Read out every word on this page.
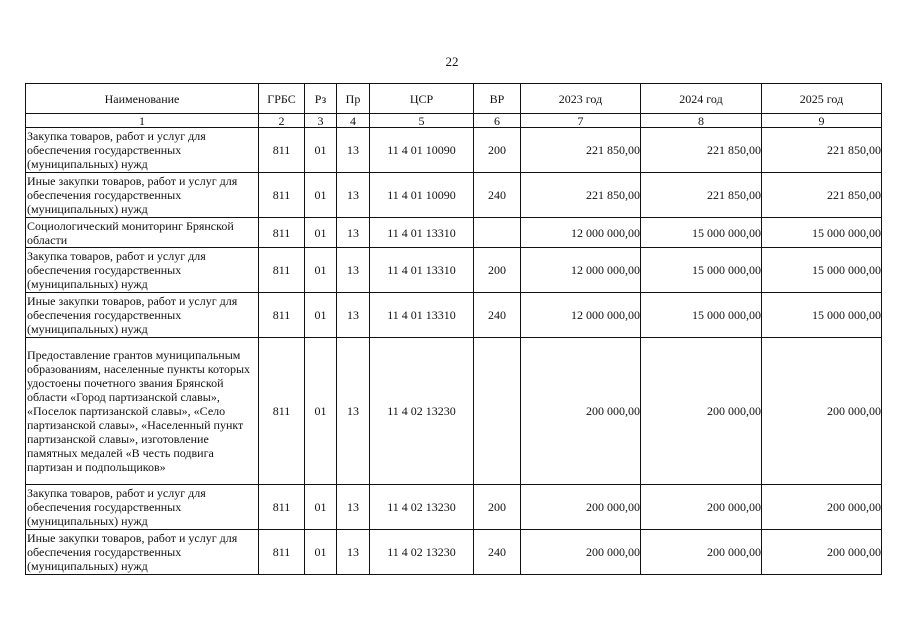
22
Наименование	ГРБС	Рз	Пр	ЦСР	ВР	2023 год	2024 год	2025 год
1	2	3	4	5	6	7	8	9
Закупка товаров, работ и услуг для обеспечения государственных (муниципальных) нужд	811	01	13	11 4 01 10090	200	221 850,00	221 850,00	221 850,00
Иные закупки товаров, работ и услуг для обеспечения государственных (муниципальных) нужд	811	01	13	11 4 01 10090	240	221 850,00	221 850,00	221 850,00
Социологический мониторинг Брянской области	811	01	13	11 4 01 13310		12 000 000,00	15 000 000,00	15 000 000,00
Закупка товаров, работ и услуг для обеспечения государственных (муниципальных) нужд	811	01	13	11 4 01 13310	200	12 000 000,00	15 000 000,00	15 000 000,00
Иные закупки товаров, работ и услуг для обеспечения государственных (муниципальных) нужд	811	01	13	11 4 01 13310	240	12 000 000,00	15 000 000,00	15 000 000,00
Предоставление грантов муниципальным образованиям, населенные пункты которых удостоены почетного звания Брянской области «Город партизанской славы», «Поселок партизанской славы», «Село партизанской славы», «Населенный пункт партизанской славы», изготовление памятных медалей «В честь подвига партизан и подпольщиков»	811	01	13	11 4 02 13230		200 000,00	200 000,00	200 000,00
Закупка товаров, работ и услуг для обеспечения государственных (муниципальных) нужд	811	01	13	11 4 02 13230	200	200 000,00	200 000,00	200 000,00
Иные закупки товаров, работ и услуг для обеспечения государственных (муниципальных) нужд	811	01	13	11 4 02 13230	240	200 000,00	200 000,00	200 000,00
